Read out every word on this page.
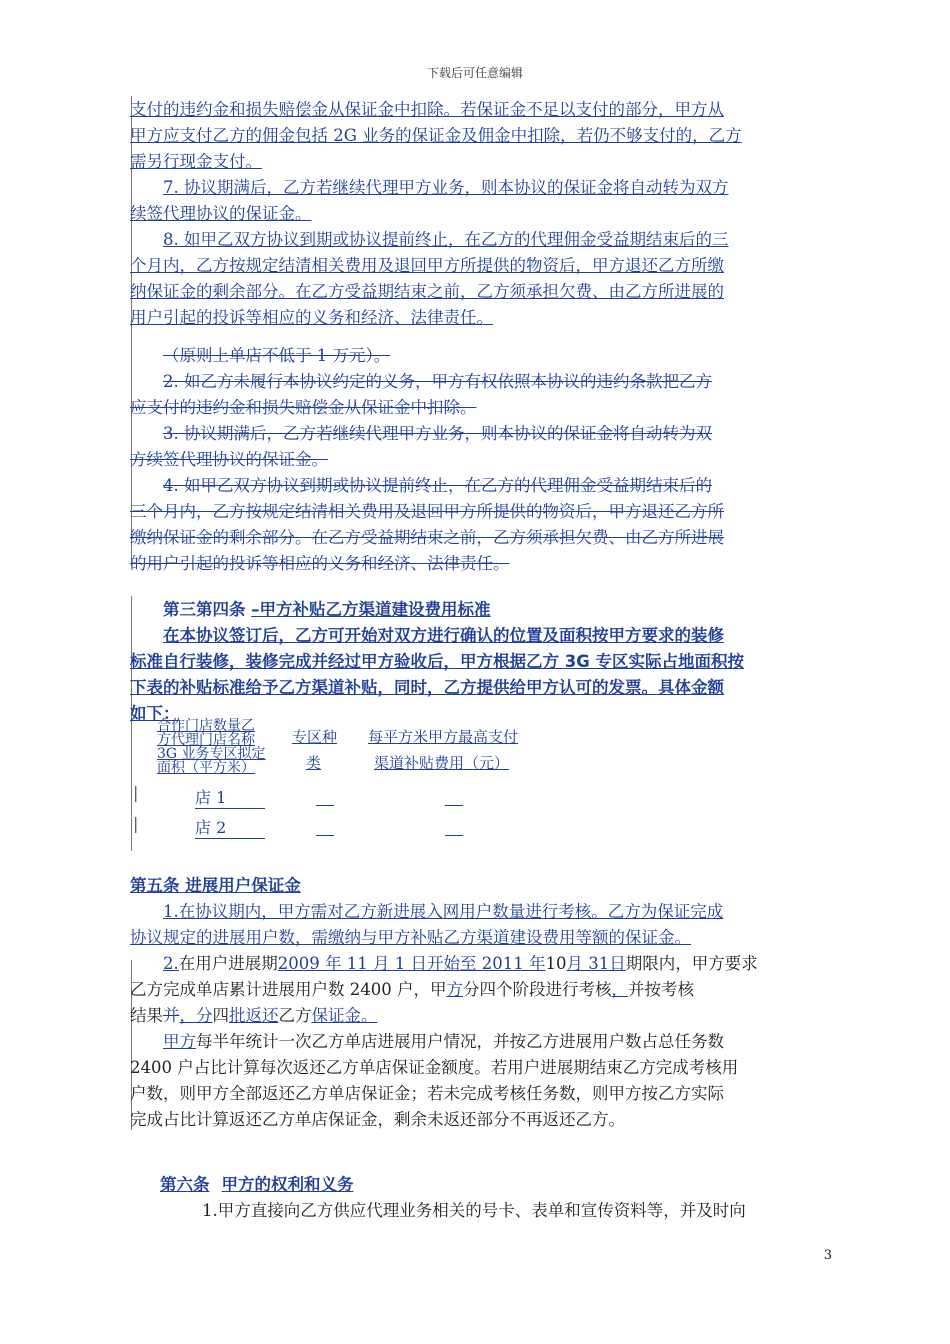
下载后可任意编辑

支付的违约金和损失赔偿金从保证金中扣除。若保证金不足以支付的部分，甲方从

甲方应支付乙方的佣金包括 2G 业务的保证金及佣金中扣除，若仍不够支付的，乙方

需另行现金支付。

7. 协议期满后，乙方若继续代理甲方业务，则本协议的保证金将自动转为双方

续签代理协议的保证金。

8. 如甲乙双方协议到期或协议提前终止，在乙方的代理佣金受益期结束后的三

个月内，乙方按规定结清相关费用及退回甲方所提供的物资后，甲方退还乙方所缴

纳保证金的剩余部分。在乙方受益期结束之前，乙方须承担欠费、由乙方所进展的

用户引起的投诉等相应的义务和经济、法律责任。

（原则上单店不低于 1 万元）。

2. 如乙方未履行本协议约定的义务，甲方有权依照本协议的违约条款把乙方

应支付的违约金和损失赔偿金从保证金中扣除。

3. 协议期满后，乙方若继续代理甲方业务，则本协议的保证金将自动转为双

方续签代理协议的保证金。

4. 如甲乙双方协议到期或协议提前终止，在乙方的代理佣金受益期结束后的

三个月内，乙方按规定结清相关费用及退回甲方所提供的物资后，甲方退还乙方所

缴纳保证金的剩余部分。在乙方受益期结束之前，乙方须承担欠费、由乙方所进展

的用户引起的投诉等相应的义务和经济、法律责任。

第三第四条 –甲方补贴乙方渠道建设费用标准

在本协议签订后，乙方可开始对双方进行确认的位置及面积按甲方要求的装修

标准自行装修，装修完成并经过甲方验收后，甲方根据乙方 3G 专区实际占地面积按

下表的补贴标准给予乙方渠道补贴，同时，乙方提供给甲方认可的发票。具体金额

如下：

合作门店数量乙
方代理门店名称
3G 业务专区拟定
面积（平方米）
专区种
类
每平方米甲方最高支付
渠道补贴费用（元）
|	店 1
|	店 2

第五条 进展用户保证金

1.在协议期内，甲方需对乙方新进展入网用户数量进行考核。乙方为保证完成

协议规定的进展用户数，需缴纳与甲方补贴乙方渠道建设费用等额的保证金。

2.在用户进展期2009 年 11 月 1 日开始至 2011 年10月 31日期限内，甲方要求

乙方完成单店累计进展用户数 2400 户，甲方分四个阶段进行考核，并按考核

结果并，分四批返还乙方保证金。

甲方每半年统计一次乙方单店进展用户情况，并按乙方进展用户数占总任务数

2400 户占比计算每次返还乙方单店保证金额度。若用户进展期结束乙方完成考核用

户数，则甲方全部返还乙方单店保证金；若未完成考核任务数，则甲方按乙方实际

完成占比计算返还乙方单店保证金，剩余未返还部分不再返还乙方。

第六条 甲方的权利和义务

1.甲方直接向乙方供应代理业务相关的号卡、表单和宣传资料等，并及时向

3
